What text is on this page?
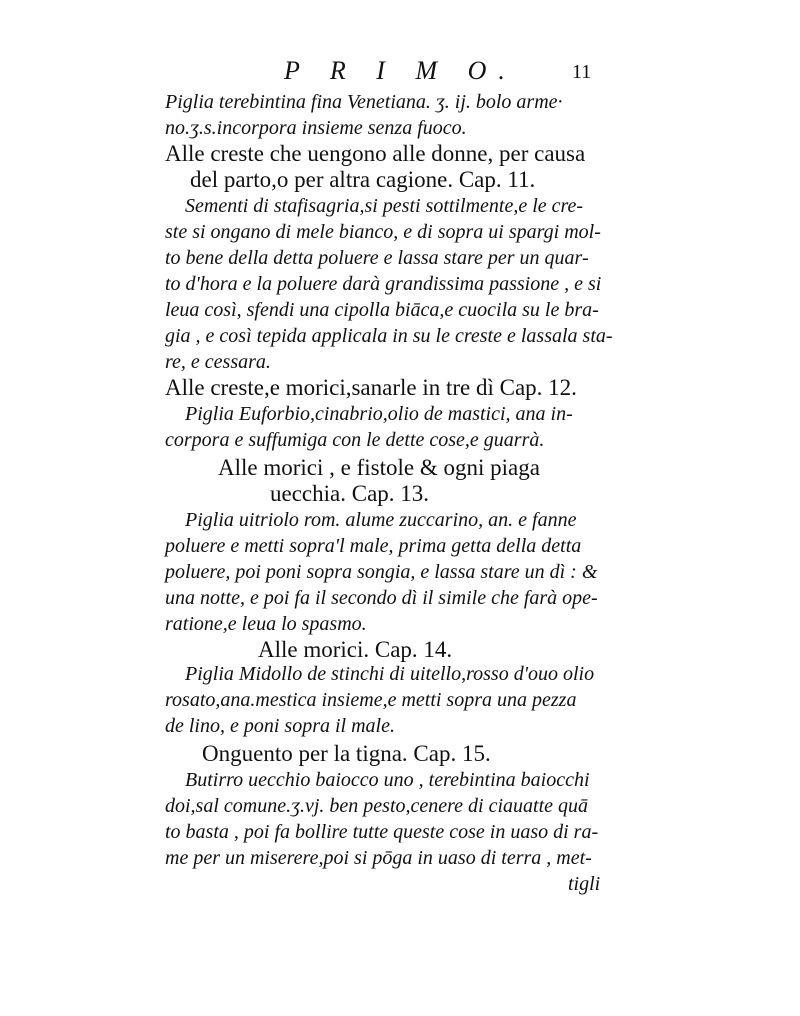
P R I M O.	11
Piglia terebintina fina Venetiana. ʒ. ij. bolo arme·
no.ʒ.s.incorpora insieme senza fuoco.
Alle creste che uengono alle donne, per causa
del parto,o per altra cagione. Cap. 11.
Sementi di stafisagria,si pesti sottilmente,e le cre-
ste si ongano di mele bianco, e di sopra ui spargi mol-
to bene della detta poluere e lassa stare per un quar-
to d'hora e la poluere darà grandissima passione , e si
leua così, sfendi una cipolla biāca,e cuocila su le bra-
gia , e così tepida applicala in su le creste e lassala sta-
re, e cessara.
Alle creste,e morici,sanarle in tre dì Cap. 12.
Piglia Euforbio,cinabrio,olio de mastici, ana in-
corpora e suffumiga con le dette cose,e guarrà.
Alle morici , e fistole & ogni piaga
uecchia. Cap. 13.
Piglia uitriolo rom. alume zuccarino, an. e fanne
poluere e metti sopra'l male, prima getta della detta
poluere, poi poni sopra songia, e lassa stare un dì : &
una notte, e poi fa il secondo dì il simile che farà ope-
ratione,e leua lo spasmo.
Alle morici. Cap. 14.
Piglia Midollo de stinchi di uitello,rosso d'ouo olio
rosato,ana.mestica insieme,e metti sopra una pezza
de lino, e poni sopra il male.
Onguento per la tigna. Cap. 15.
Butirro uecchio baiocco uno , terebintina baiocchi
doi,sal comune.ʒ.vj. ben pesto,cenere di ciauatte quā
to basta , poi fa bollire tutte queste cose in uaso di ra-
me per un miserere,poi si pōga in uaso di terra , met-
tigli
